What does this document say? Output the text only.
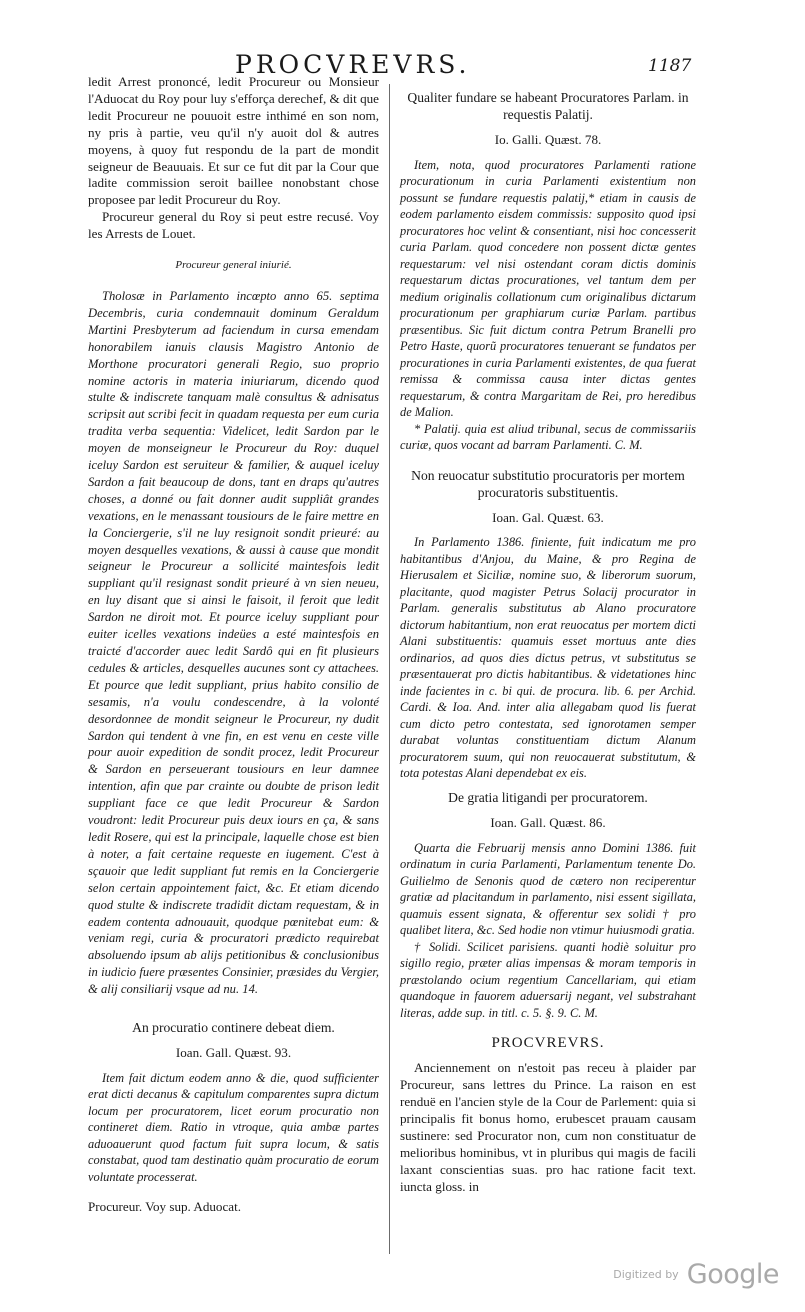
PROCVREVRS.	1187

ledit Arrest prononcé, ledit Procureur ou Monsieur l'Aduocat du Roy pour luy s'efforça derechef, & dit que ledit Procureur ne pouuoit estre inthimé en son nom, ny pris à partie, veu qu'il n'y auoit dol & autres moyens, à quoy fut respondu de la part de mondit seigneur de Beauuais. Et sur ce fut dit par la Cour que ladite commission seroit baillee nonobstant chose proposee par ledit Procureur du Roy.

Procureur general du Roy si peut estre recusé. Voy les Arrests de Louet.

Procureur general iniurié.

Tholosæ in Parlamento incœpto anno 65. septima Decembris, curia condemnauit dominum Geraldum Martini Presbyterum ad faciendum in cursa emendam honorabilem ianuis clausis Magistro Antonio de Morthone procuratori generali Regio, suo proprio nomine actoris in materia iniuriarum, dicendo quod stulte & indiscrete tanquam malè consultus & adnisatus scripsit aut scribi fecit in quadam requesta per eum curia tradita verba sequentia: Videlicet, ledit Sardon par le moyen de monseigneur le Procureur du Roy: duquel iceluy Sardon est seruiteur & familier, & auquel iceluy Sardon a fait beaucoup de dons, tant en draps qu'autres choses, a donné ou fait donner audit suppliât grandes vexations, en le menassant tousiours de le faire mettre en la Conciergerie, s'il ne luy resignoit sondit prieuré: au moyen desquelles vexations, & aussi à cause que mondit seigneur le Procureur a sollicité maintesfois ledit suppliant qu'il resignast sondit prieuré à vn sien neueu, en luy disant que si ainsi le faisoit, il feroit que ledit Sardon ne diroit mot. Et pource iceluy suppliant pour euiter icelles vexations indeües a esté maintesfois en traicté d'accorder auec ledit Sardô qui en fit plusieurs cedules & articles, desquelles aucunes sont cy attachees. Et pource que ledit suppliant, prius habito consilio de sesamis, n'a voulu condescendre, à la volonté desordonnee de mondit seigneur le Procureur, ny dudit Sardon qui tendent à vne fin, en est venu en ceste ville pour auoir expedition de sondit procez, ledit Procureur & Sardon en perseuerant tousiours en leur damnee intention, afin que par crainte ou doubte de prison ledit suppliant face ce que ledit Procureur & Sardon voudront: ledit Procureur puis deux iours en ça, & sans ledit Rosere, qui est la principale, laquelle chose est bien à noter, a fait certaine requeste en iugement. C'est à sçauoir que ledit suppliant fut remis en la Conciergerie selon certain appointement faict, &c. Et etiam dicendo quod stulte & indiscrete tradidit dictam requestam, & in eadem contenta adnouauit, quodque pœnitebat eum: & veniam regi, curia & procuratori prædicto requirebat absoluendo ipsum ab alijs petitionibus & conclusionibus in iudicio fuere præsentes Consinier, præsides du Vergier, & alij consiliarij vsque ad nu. 14.

An procuratio continere debeat diem.

Ioan. Gall. Quæst. 93.

Item fait dictum eodem anno & die, quod sufficienter erat dicti decanus & capitulum comparentes supra dictum locum per procuratorem, licet eorum procuratio non contineret diem. Ratio in vtroque, quia ambæ partes aduoauerunt quod factum fuit supra locum, & satis constabat, quod tam destinatio quàm procuratio de eorum voluntate processerat.

Procureur. Voy sup. Aduocat.

Qualiter fundare se habeant Procuratores Parlam. in requestis Palatij.

Io. Galli. Quæst. 78.

Item, nota, quod procuratores Parlamenti ratione procurationum in curia Parlamenti existentium non possunt se fundare requestis palatij,* etiam in causis de eodem parlamento eisdem commissis: supposito quod ipsi procuratores hoc velint & consentiant, nisi hoc concesserit curia Parlam. quod concedere non possent dictæ gentes requestarum: vel nisi ostendant coram dictis dominis requestarum dictas procurationes, vel tantum dem per medium originalis collationum cum originalibus dictarum procurationum per graphiarum curiæ Parlam. partibus præsentibus. Sic fuit dictum contra Petrum Branelli pro Petro Haste, quorũ procuratores tenuerant se fundatos per procurationes in curia Parlamenti existentes, de qua fuerat remissa & commissa causa inter dictas gentes requestarum, & contra Margaritam de Rei, pro heredibus de Malion.

* Palatij. quia est aliud tribunal, secus de commissariis curiæ, quos vocant ad barram Parlamenti. C. M.

Non reuocatur substitutio procuratoris per mortem procuratoris substituentis.

Ioan. Gal. Quæst. 63.

In Parlamento 1386. finiente, fuit indicatum me pro habitantibus d'Anjou, du Maine, & pro Regina de Hierusalem et Siciliæ, nomine suo, & liberorum suorum, placitante, quod magister Petrus Solacij procurator in Parlam. generalis substitutus ab Alano procuratore dictorum habitantium, non erat reuocatus per mortem dicti Alani substituentis: quamuis esset mortuus ante dies ordinarios, ad quos dies dictus petrus, vt substitutus se præsentauerat pro dictis habitantibus. & videtationes hinc inde facientes in c. bi qui. de procura. lib. 6. per Archid. Cardi. & Ioa. And. inter alia allegabam quod lis fuerat cum dicto petro contestata, sed ignorotamen semper durabat voluntas constituentiam dictum Alanum procuratorem suum, qui non reuocauerat substitutum, & tota potestas Alani dependebat ex eis.

De gratia litigandi per procuratorem.

Ioan. Gall. Quæst. 86.

Quarta die Februarij mensis anno Domini 1386. fuit ordinatum in curia Parlamenti, Parlamentum tenente Do. Guilielmo de Senonis quod de cætero non reciperentur gratiæ ad placitandum in parlamento, nisi essent sigillata, quamuis essent signata, & offerentur sex solidi † pro qualibet litera, &c. Sed hodie non vtimur huiusmodi gratia.

† Solidi. Scilicet parisiens. quanti hodiè soluitur pro sigillo regio, præter alias impensas & moram temporis in præstolando ocium regentium Cancellariam, qui etiam quandoque in fauorem aduersarij negant, vel substrahant literas, adde sup. in titl. c. 5. §. 9. C. M.

PROCVREVRS.

Anciennement on n'estoit pas receu à plaider par Procureur, sans lettres du Prince. La raison en est renduë en l'ancien style de la Cour de Parlement: quia si principalis fit bonus homo, erubescet prauam causam sustinere: sed Procurator non, cum non constituatur de melioribus hominibus, vt in pluribus qui magis de facili laxant conscientias suas. pro hac ratione facit text. iuncta gloss. in

Digitized by Google
